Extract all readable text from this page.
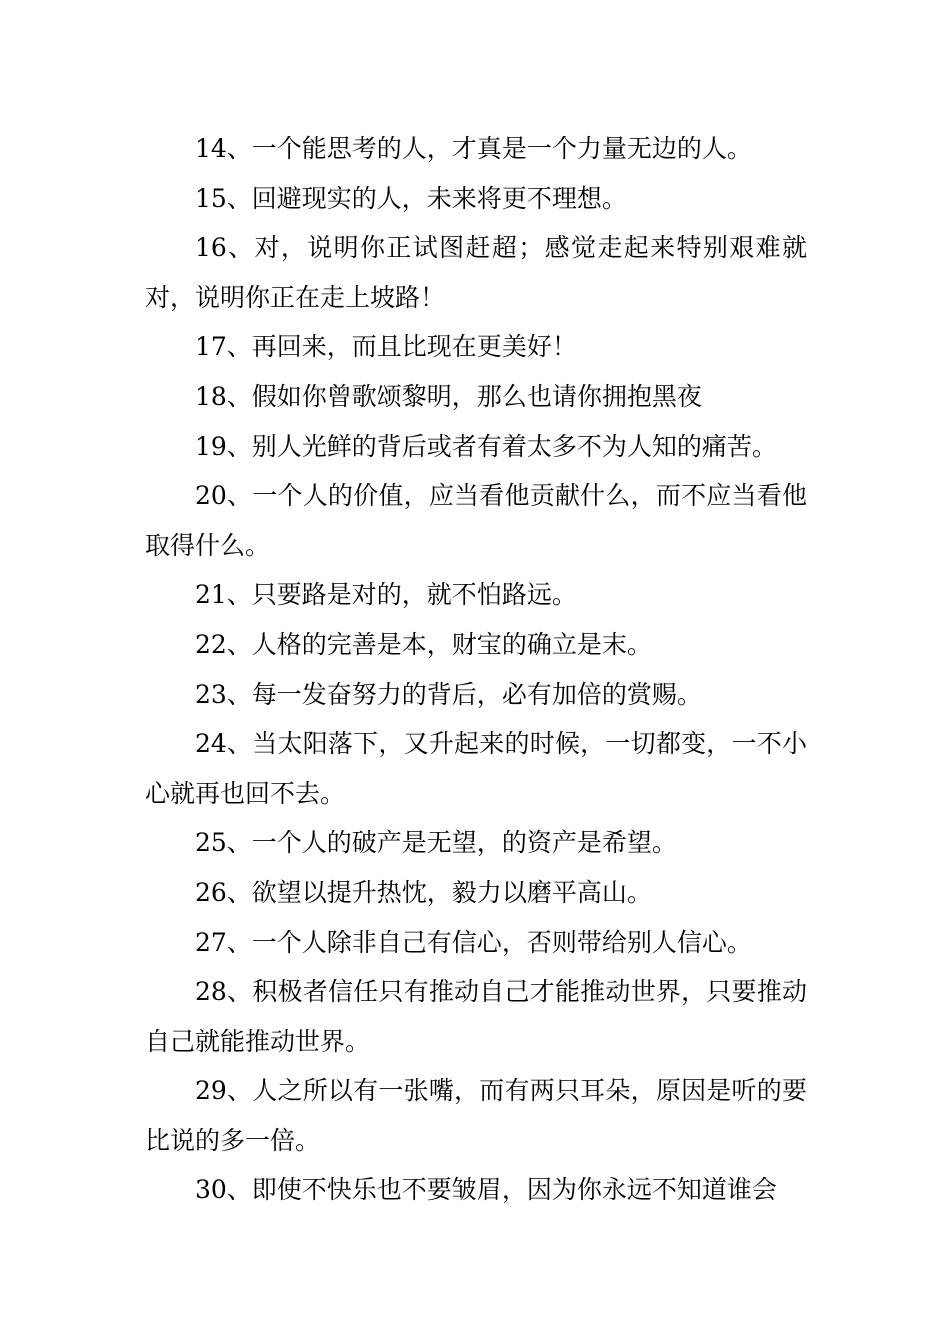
14、一个能思考的人，才真是一个力量无边的人。

15、回避现实的人，未来将更不理想。

16、对，说明你正试图赶超；感觉走起来特别艰难就对，说明你正在走上坡路！

17、再回来，而且比现在更美好！

18、假如你曾歌颂黎明，那么也请你拥抱黑夜

19、别人光鲜的背后或者有着太多不为人知的痛苦。

20、一个人的价值，应当看他贡献什么，而不应当看他取得什么。

21、只要路是对的，就不怕路远。

22、人格的完善是本，财宝的确立是末。

23、每一发奋努力的背后，必有加倍的赏赐。

24、当太阳落下，又升起来的时候，一切都变，一不小心就再也回不去。

25、一个人的破产是无望，的资产是希望。

26、欲望以提升热忱，毅力以磨平高山。

27、一个人除非自己有信心，否则带给别人信心。

28、积极者信任只有推动自己才能推动世界，只要推动自己就能推动世界。

29、人之所以有一张嘴，而有两只耳朵，原因是听的要比说的多一倍。

30、即使不快乐也不要皱眉，因为你永远不知道谁会
